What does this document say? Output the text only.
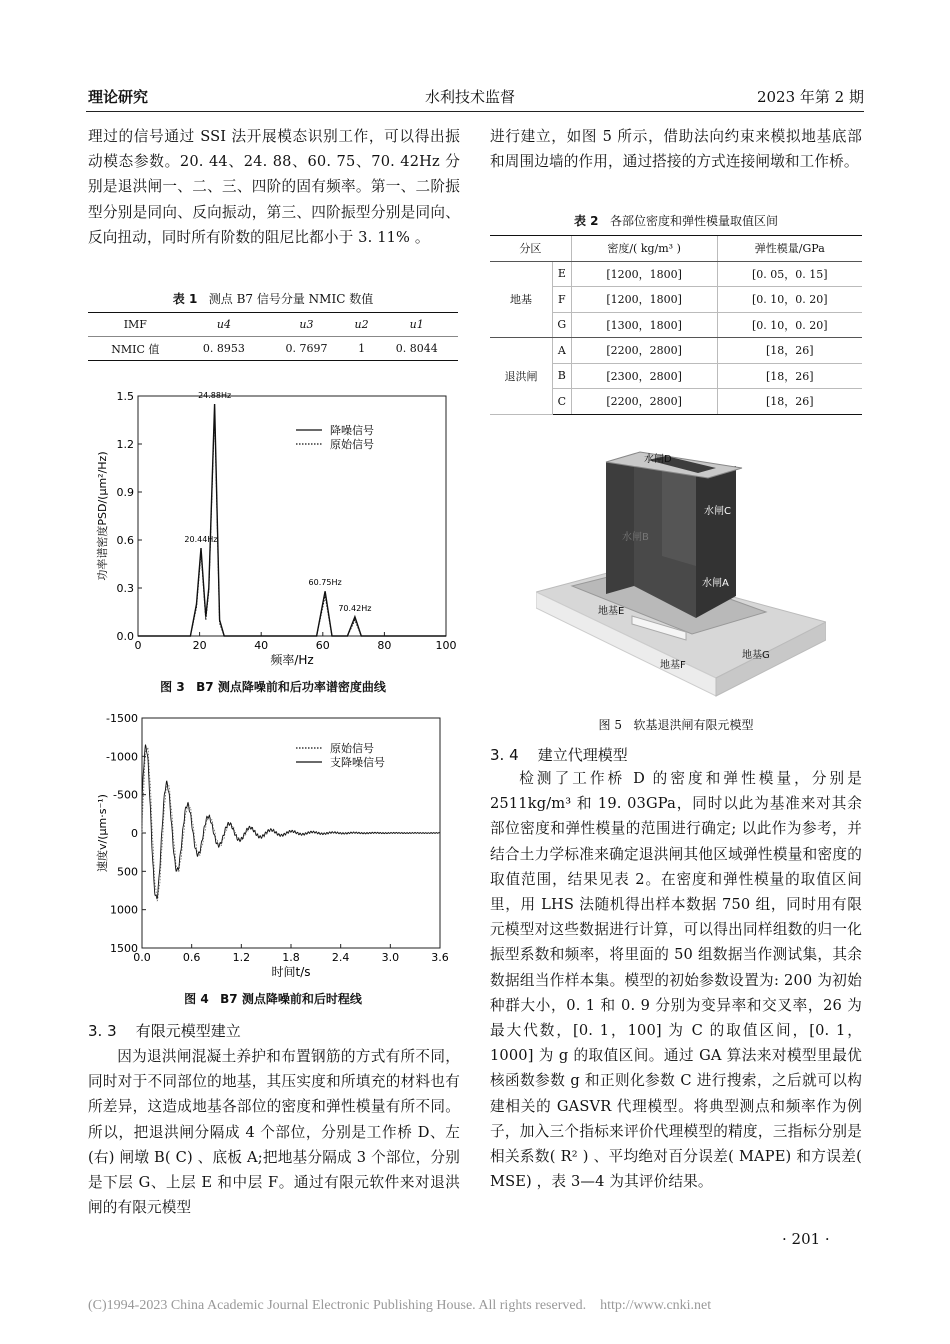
理论研究	水利技术监督	2023 年第 2 期

理过的信号通过 SSI 法开展模态识别工作，可以得出振动模态参数。20. 44、24. 88、60. 75、70. 42Hz 分别是退洪闸一、二、三、四阶的固有频率。第一、二阶振型分别是同向、反向振动，第三、四阶振型分别是同向、反向扭动，同时所有阶数的阻尼比都小于 3. 11% 。

表 1 测点 B7 信号分量 NMIC 数值
IMF	u4	u3	u2	u1
NMIC 值	0. 8953	0. 7697	1	0. 8044
0	20	40	60	80	100
0.0
0.3
0.6
0.9
1.2
1.5
频率/Hz
功率谱密度PSD/(μm²/Hz)
24.88Hz
20.44Hz
60.75Hz
70.42Hz
降噪信号
原始信号
图 3 B7 测点降噪前和后功率谱密度曲线
0.0	0.6	1.2	1.8	2.4	3.0	3.6
1500
1000
500
0
-500
-1000
-1500
时间t/s
速度v/(μm·s⁻¹)
原始信号
支降噪信号
图 4 B7 测点降噪前和后时程线
3. 3 有限元模型建立

因为退洪闸混凝土养护和布置钢筋的方式有所不同，同时对于不同部位的地基，其压实度和所填充的材料也有所差异，这造成地基各部位的密度和弹性模量有所不同。所以，把退洪闸分隔成 4 个部位，分别是工作桥 D、左(右) 闸墩 B( C) 、底板 A;把地基分隔成 3 个部位，分别是下层 G、上层 E 和中层 F。通过有限元软件来对退洪闸的有限元模型

进行建立，如图 5 所示，借助法向约束来模拟地基底部和周围边墙的作用，通过搭接的方式连接闸墩和工作桥。

表 2 各部位密度和弹性模量取值区间
分区		密度/( kg/m³ )	弹性模量/GPa
地基	E	[1200，1800]	[0. 05，0. 15]
	F	[1200，1800]	[0. 10，0. 20]
	G	[1300，1800]	[0. 10，0. 20]
退洪闸	A	[2200，2800]	[18，26]
	B	[2300，2800]	[18，26]
	C	[2200，2800]	[18，26]
水闸D
水闸C
水闸B
水闸A
地基E
地基F
地基G
图 5 软基退洪闸有限元模型
3. 4 建立代理模型

检测了工作桥 D 的密度和弹性模量，分别是 2511kg/m³ 和 19. 03GPa，同时以此为基准来对其余部位密度和弹性模量的范围进行确定; 以此作为参考，并结合土力学标准来确定退洪闸其他区域弹性模量和密度的取值范围，结果见表 2。在密度和弹性模量的取值区间里，用 LHS 法随机得出样本数据 750 组，同时用有限元模型对这些数据进行计算，可以得出同样组数的归一化振型系数和频率，将里面的 50 组数据当作测试集，其余数据组当作样本集。模型的初始参数设置为: 200 为初始种群大小，0. 1 和 0. 9 分别为变异率和交叉率，26 为最大代数，[0. 1，100] 为 C 的取值区间，[0. 1，1000] 为 g 的取值区间。通过 GA 算法来对模型里最优核函数参数 g 和正则化参数 C 进行搜索，之后就可以构建相关的 GASVR 代理模型。将典型测点和频率作为例子，加入三个指标来评价代理模型的精度，三指标分别是相关系数( R² ) 、平均绝对百分误差( MAPE) 和方误差( MSE) ，表 3—4 为其评价结果。

· 201 ·
(C)1994-2023 China Academic Journal Electronic Publishing House. All rights reserved.    http://www.cnki.net
